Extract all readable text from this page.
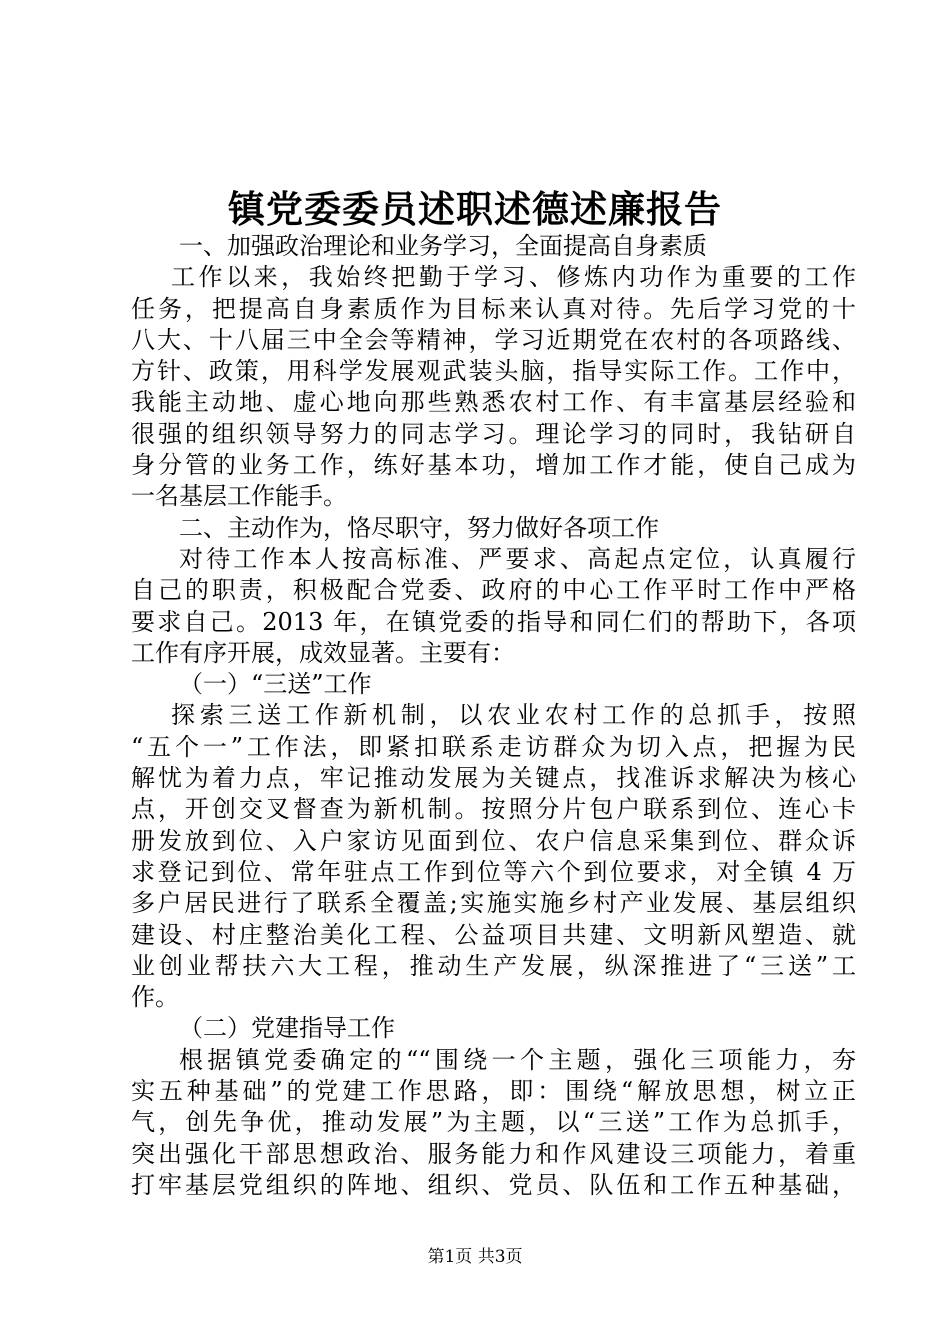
镇党委委员述职述德述廉报告
一、加强政治理论和业务学习，全面提高自身素质
工作以来，我始终把勤于学习、修炼内功作为重要的工作
任务，把提高自身素质作为目标来认真对待。先后学习党的十
八大、十八届三中全会等精神，学习近期党在农村的各项路线、
方针、政策，用科学发展观武装头脑，指导实际工作。工作中，
我能主动地、虚心地向那些熟悉农村工作、有丰富基层经验和
很强的组织领导努力的同志学习。理论学习的同时，我钻研自
身分管的业务工作，练好基本功，增加工作才能，使自己成为
一名基层工作能手。
二、主动作为，恪尽职守，努力做好各项工作
对待工作本人按高标准、严要求、高起点定位，认真履行
自己的职责，积极配合党委、政府的中心工作平时工作中严格
要求自己。2013 年，在镇党委的指导和同仁们的帮助下，各项
工作有序开展，成效显著。主要有：
（一）“三送”工作
探索三送工作新机制，以农业农村工作的总抓手，按照
“五个一”工作法，即紧扣联系走访群众为切入点，把握为民
解忧为着力点，牢记推动发展为关键点，找准诉求解决为核心
点，开创交叉督查为新机制。按照分片包户联系到位、连心卡
册发放到位、入户家访见面到位、农户信息采集到位、群众诉
求登记到位、常年驻点工作到位等六个到位要求，对全镇 4 万
多户居民进行了联系全覆盖;实施实施乡村产业发展、基层组织
建设、村庄整治美化工程、公益项目共建、文明新风塑造、就
业创业帮扶六大工程，推动生产发展，纵深推进了“三送”工
作。
（二）党建指导工作
根据镇党委确定的““围绕一个主题，强化三项能力，夯
实五种基础”的党建工作思路，即：围绕“解放思想，树立正
气，创先争优，推动发展”为主题，以“三送”工作为总抓手，
突出强化干部思想政治、服务能力和作风建设三项能力，着重
打牢基层党组织的阵地、组织、党员、队伍和工作五种基础，
第1页 共3页
